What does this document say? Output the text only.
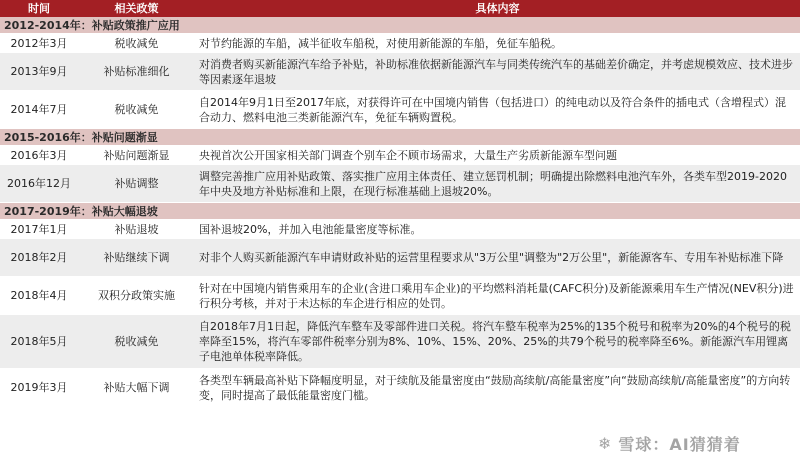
时间	相关政策	具体内容
2012-2014年：补贴政策推广应用		
2012年3月	税收减免	对节约能源的车船，减半征收车船税，对使用新能源的车船，免征车船税。
2013年9月	补贴标准细化	对消费者购买新能源汽车给予补贴，补助标准依据新能源汽车与同类传统汽车的基础差价确定，并考虑规模效应、技术进步等因素逐年退坡
2014年7月	税收减免	自2014年9月1日至2017年底，对获得许可在中国境内销售（包括进口）的纯电动以及符合条件的插电式（含增程式）混合动力、燃料电池三类新能源汽车，免征车辆购置税。
2015-2016年：补贴问题渐显		
2016年3月	补贴问题渐显	央视首次公开国家相关部门调查个别车企不顾市场需求，大量生产劣质新能源车型问题
2016年12月	补贴调整	调整完善推广应用补贴政策、落实推广应用主体责任、建立惩罚机制；明确提出除燃料电池汽车外，各类车型2019-2020年中央及地方补贴标准和上限，在现行标准基础上退坡20%。
2017-2019年：补贴大幅退坡		
2017年1月	补贴退坡	国补退坡20%，并加入电池能量密度等标准。
2018年2月	补贴继续下调	对非个人购买新能源汽车申请财政补贴的运营里程要求从"3万公里"调整为"2万公里"，新能源客车、专用车补贴标准下降
2018年4月	双积分政策实施	针对在中国境内销售乘用车的企业(含进口乘用车企业)的平均燃料消耗量(CAFC积分)及新能源乘用车生产情况(NEV积分)进行积分考核，并对于未达标的车企进行相应的处罚。
2018年5月	税收减免	自2018年7月1日起，降低汽车整车及零部件进口关税。将汽车整车税率为25%的135个税号和税率为20%的4个税号的税率降至15%，将汽车零部件税率分别为8%、10%、15%、20%、25%的共79个税号的税率降至6%。新能源汽车用锂离子电池单体税率降低。
2019年3月	补贴大幅下调	各类型车辆最高补贴下降幅度明显，对于续航及能量密度由“鼓励高续航/高能量密度”向“鼓励高续航/高能量密度”的方向转变，同时提高了最低能量密度门槛。
❄ 雪球：AI猜猜着
